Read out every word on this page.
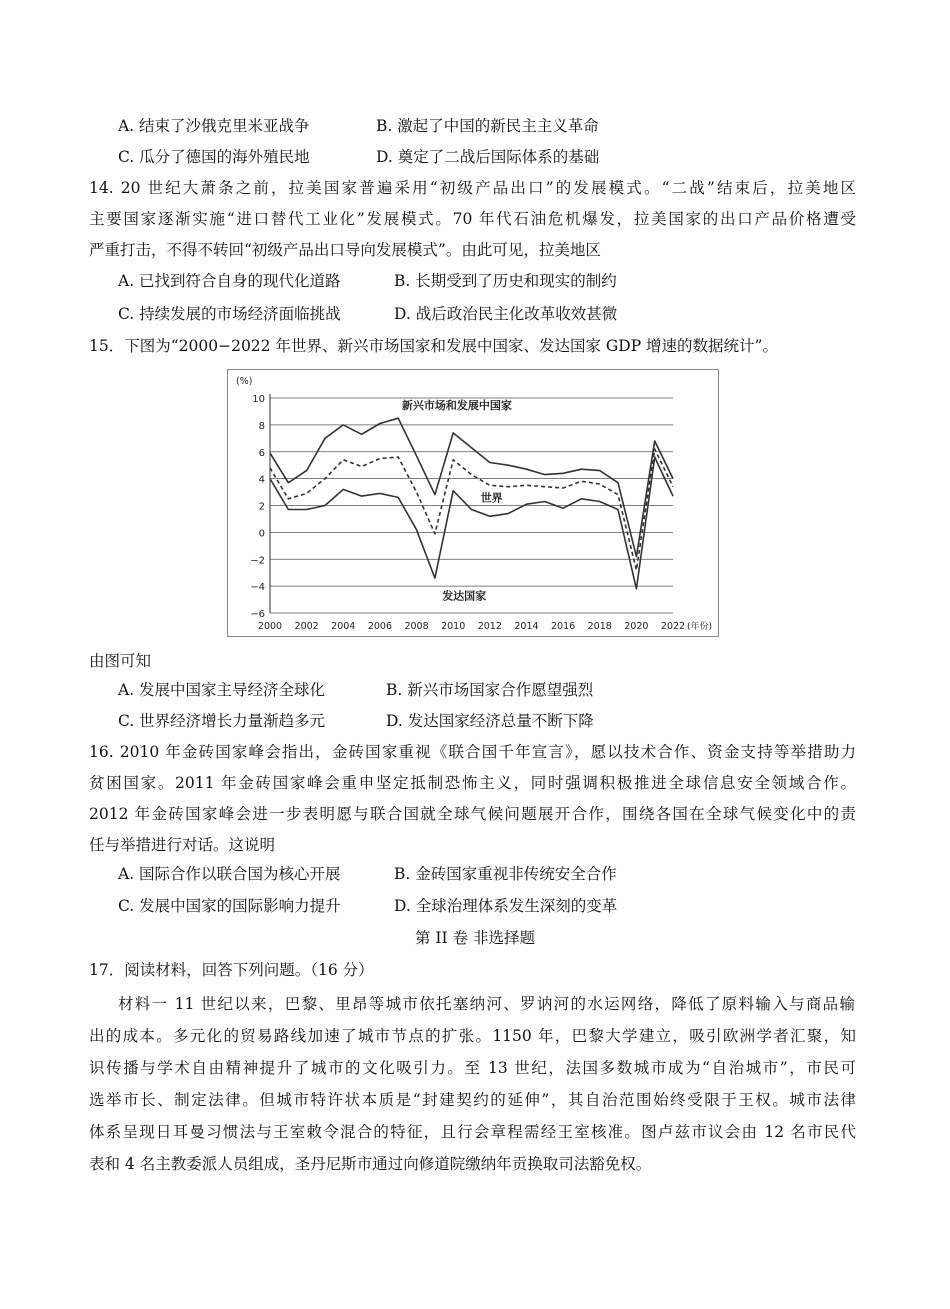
A. 结束了沙俄克里米亚战争	B. 激起了中国的新民主主义革命
C. 瓜分了德国的海外殖民地	D. 奠定了二战后国际体系的基础
14. 20 世纪大萧条之前，拉美国家普遍采用“初级产品出口”的发展模式。“二战”结束后，拉美地区
主要国家逐渐实施“进口替代工业化”发展模式。70 年代石油危机爆发，拉美国家的出口产品价格遭受
严重打击，不得不转回“初级产品出口导向发展模式”。由此可见，拉美地区
A. 已找到符合自身的现代化道路	B. 长期受到了历史和现实的制约
C. 持续发展的市场经济面临挑战	D. 战后政治民主化改革收效甚微
15．下图为“2000−2022 年世界、新兴市场国家和发展中国家、发达国家 GDP 增速的数据统计”。
10
8
6
4
2
0
−2
−4
−6
(%)
2000 2002 2004 2006 2008 2010 2012 2014 2016 2018 2020 2022 (年份)
新兴市场和发展中国家
世界
发达国家
由图可知
A. 发展中国家主导经济全球化	B. 新兴市场国家合作愿望强烈
C. 世界经济增长力量渐趋多元	D. 发达国家经济总量不断下降
16. 2010 年金砖国家峰会指出，金砖国家重视《联合国千年宣言》，愿以技术合作、资金支持等举措助力
贫困国家。2011 年金砖国家峰会重申坚定抵制恐怖主义，同时强调积极推进全球信息安全领域合作。
2012 年金砖国家峰会进一步表明愿与联合国就全球气候问题展开合作，围绕各国在全球气候变化中的责
任与举措进行对话。这说明
A. 国际合作以联合国为核心开展	B. 金砖国家重视非传统安全合作
C. 发展中国家的国际影响力提升	D. 全球治理体系发生深刻的变革
第 II 卷 非选择题
17．阅读材料，回答下列问题。（16 分）
材料一 11 世纪以来，巴黎、里昂等城市依托塞纳河、罗讷河的水运网络，降低了原料输入与商品输
出的成本。多元化的贸易路线加速了城市节点的扩张。1150 年，巴黎大学建立，吸引欧洲学者汇聚，知
识传播与学术自由精神提升了城市的文化吸引力。至 13 世纪，法国多数城市成为“自治城市”，市民可
选举市长、制定法律。但城市特许状本质是“封建契约的延伸”，其自治范围始终受限于王权。城市法律
体系呈现日耳曼习惯法与王室敕令混合的特征，且行会章程需经王室核准。图卢兹市议会由 12 名市民代
表和 4 名主教委派人员组成，圣丹尼斯市通过向修道院缴纳年贡换取司法豁免权。
